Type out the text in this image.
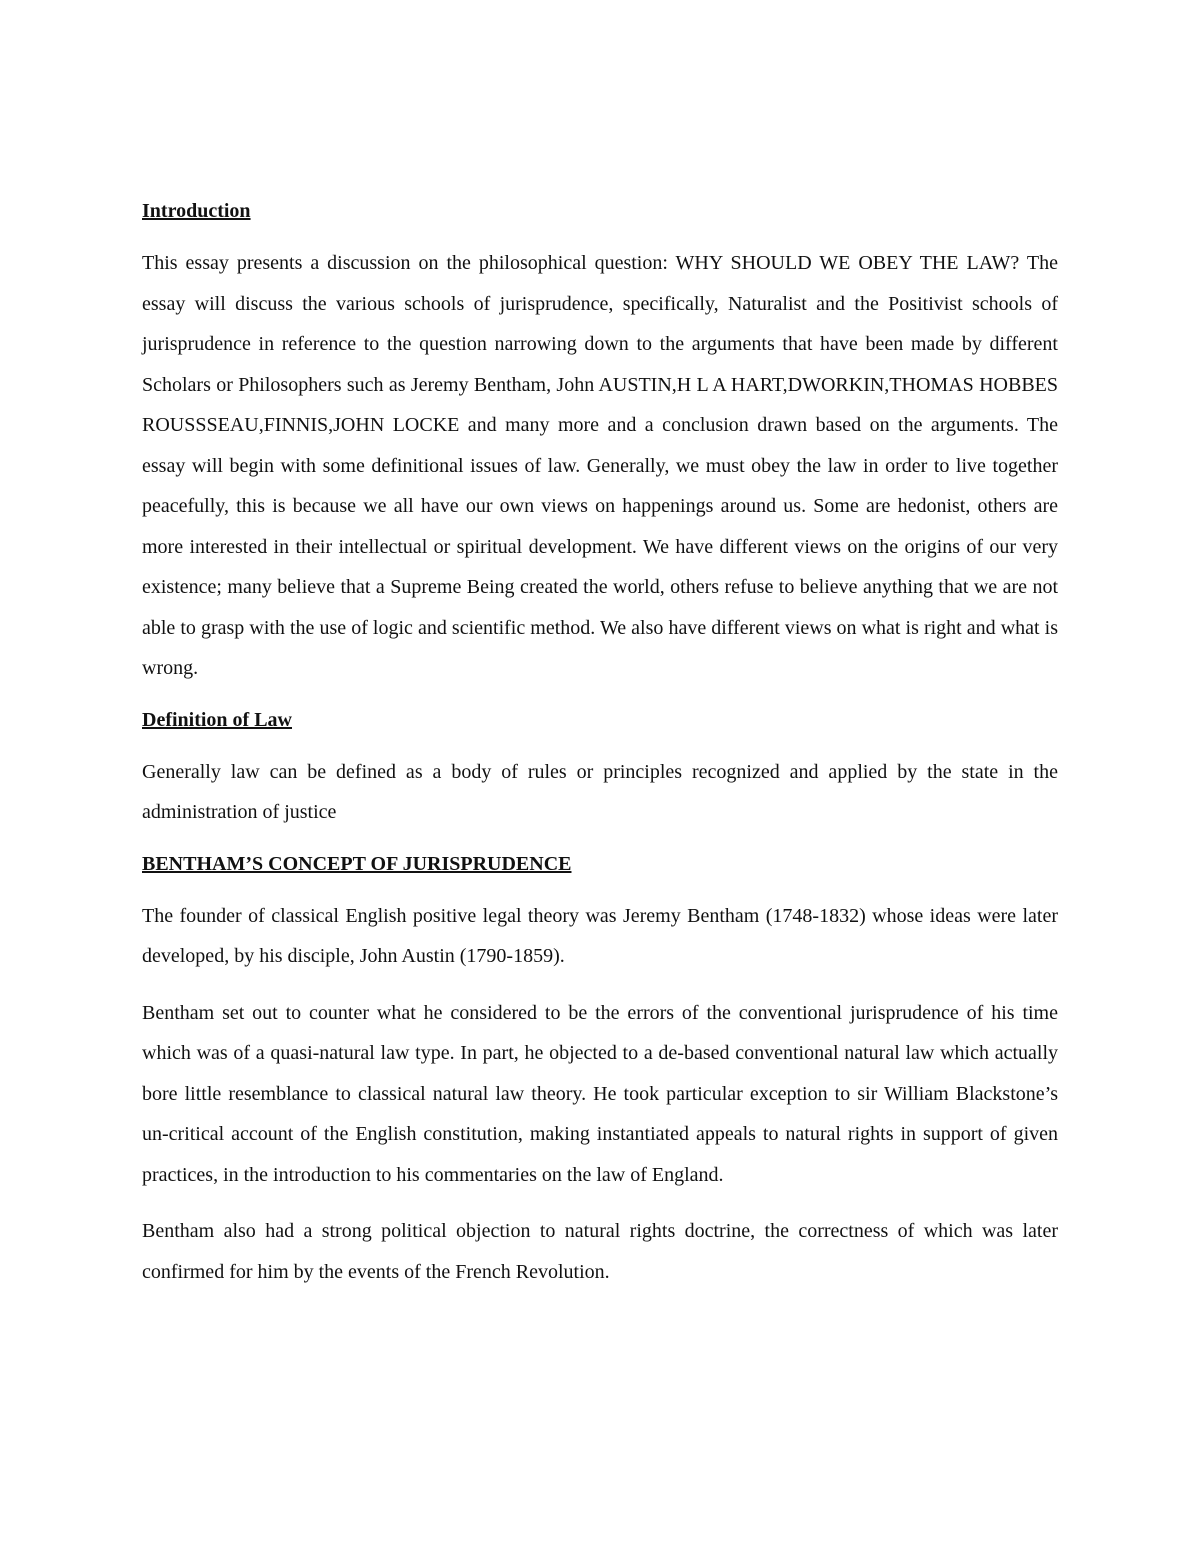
Introduction

This essay presents a discussion on the philosophical question: WHY SHOULD WE OBEY THE LAW? The essay will discuss the various schools of jurisprudence, specifically, Naturalist and the Positivist schools of jurisprudence in reference to the question narrowing down to the arguments that have been made by different Scholars or Philosophers such as Jeremy Bentham, John AUSTIN,H L A HART,DWORKIN,THOMAS HOBBES ROUSSSEAU,FINNIS,JOHN LOCKE and many more and a conclusion drawn based on the arguments. The essay will begin with some definitional issues of law. Generally, we must obey the law in order to live together peacefully, this is because we all have our own views on happenings around us. Some are hedonist, others are more interested in their intellectual or spiritual development. We have different views on the origins of our very existence; many believe that a Supreme Being created the world, others refuse to believe anything that we are not able to grasp with the use of logic and scientific method. We also have different views on what is right and what is wrong.

Definition of Law

Generally law can be defined as a body of rules or principles recognized and applied by the state in the administration of justice

BENTHAM’S CONCEPT OF JURISPRUDENCE

The founder of classical English positive legal theory was Jeremy Bentham (1748-1832) whose ideas were later developed, by his disciple, John Austin (1790-1859).

Bentham set out to counter what he considered to be the errors of the conventional jurisprudence of his time which was of a quasi-natural law type. In part, he objected to a de-based conventional natural law which actually bore little resemblance to classical natural law theory. He took particular exception to sir William Blackstone’s un-critical account of the English constitution, making instantiated appeals to natural rights in support of given practices, in the introduction to his commentaries on the law of England.

Bentham also had a strong political objection to natural rights doctrine, the correctness of which was later confirmed for him by the events of the French Revolution.
